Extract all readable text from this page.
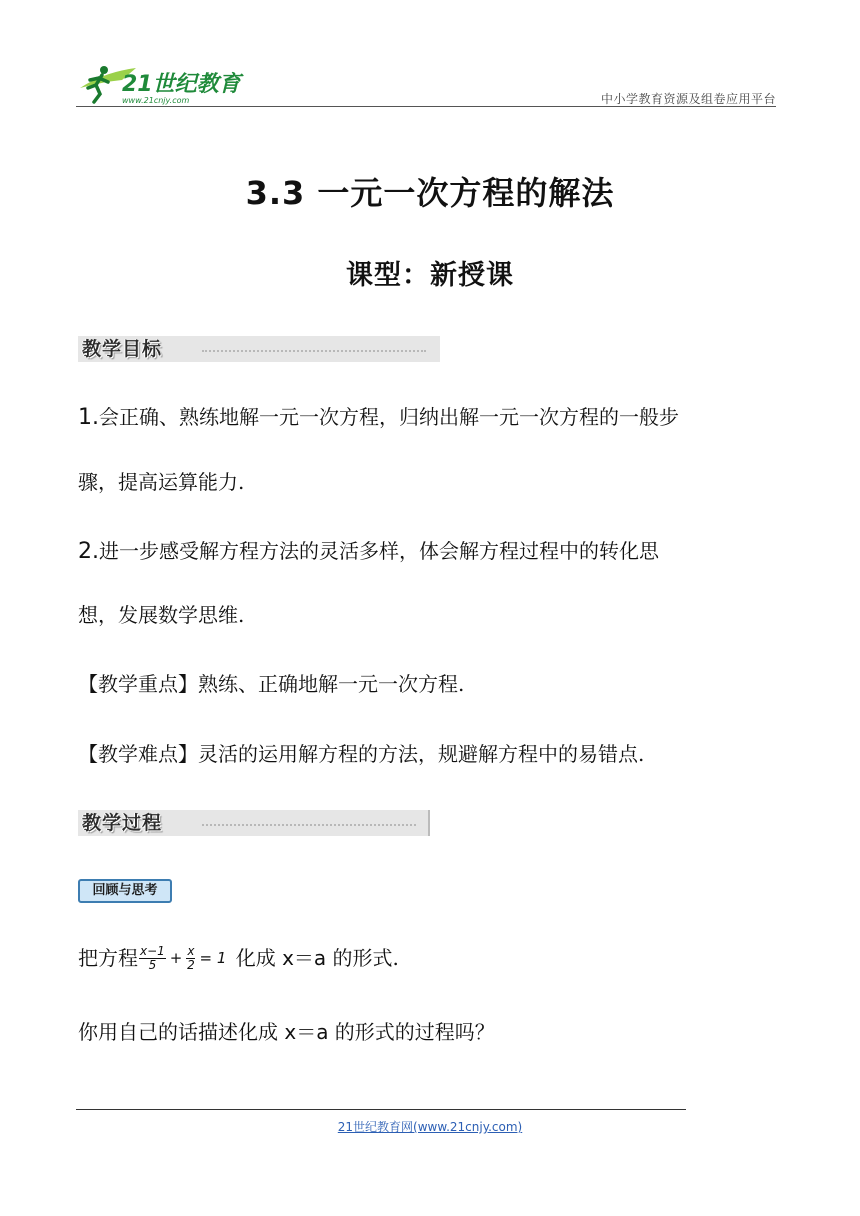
21世纪教育
www.21cnjy.com	中小学教育资源及组卷应用平台
3.3 一元一次方程的解法
课型：新授课
教学目标
1.会正确、熟练地解一元一次方程，归纳出解一元一次方程的一般步
骤，提高运算能力.
2.进一步感受解方程方法的灵活多样，体会解方程过程中的转化思
想，发展数学思维.
【教学重点】熟练、正确地解一元一次方程.
【教学难点】灵活的运用解方程的方法，规避解方程中的易错点.
教学过程
回顾与思考
把方程 $\frac{x-1}{5} + \frac{x}{2} = 1$ 化成 x＝a 的形式.
你用自己的话描述化成 x＝a 的形式的过程吗？
21世纪教育网(www.21cnjy.com)
